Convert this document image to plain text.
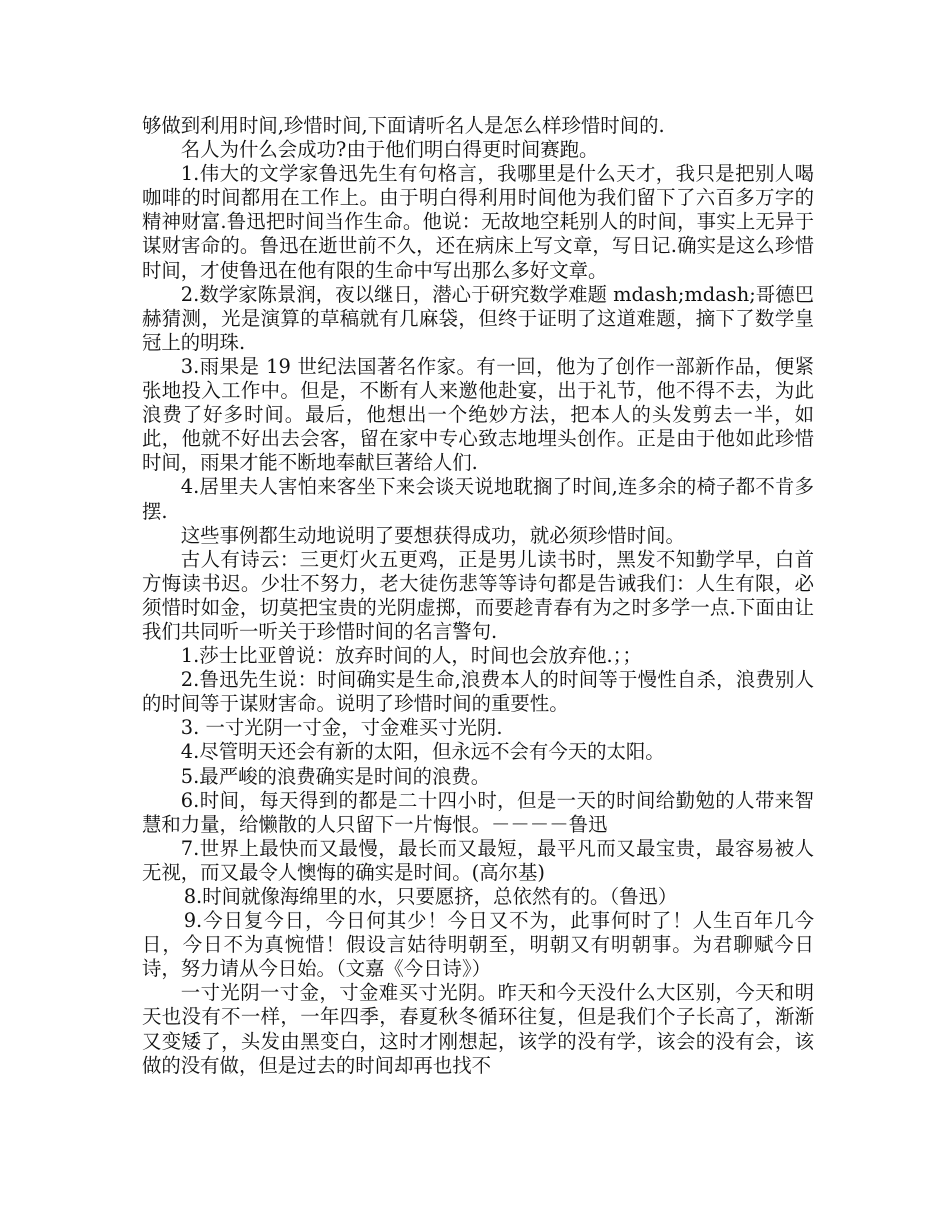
够做到利用时间,珍惜时间,下面请听名人是怎么样珍惜时间的.

名人为什么会成功?由于他们明白得更时间赛跑。

1.伟大的文学家鲁迅先生有句格言，我哪里是什么天才，我只是把别人喝咖啡的时间都用在工作上。由于明白得利用时间他为我们留下了六百多万字的精神财富.鲁迅把时间当作生命。他说：无故地空耗别人的时间，事实上无异于谋财害命的。鲁迅在逝世前不久，还在病床上写文章，写日记.确实是这么珍惜时间，才使鲁迅在他有限的生命中写出那么多好文章。

2.数学家陈景润，夜以继日，潜心于研究数学难题 mdash;mdash;哥德巴赫猜测，光是演算的草稿就有几麻袋，但终于证明了这道难题，摘下了数学皇冠上的明珠.

3.雨果是 19 世纪法国著名作家。有一回，他为了创作一部新作品，便紧张地投入工作中。但是，不断有人来邀他赴宴，出于礼节，他不得不去，为此浪费了好多时间。最后，他想出一个绝妙方法，把本人的头发剪去一半，如此，他就不好出去会客，留在家中专心致志地埋头创作。正是由于他如此珍惜时间，雨果才能不断地奉献巨著给人们.

4.居里夫人害怕来客坐下来会谈天说地耽搁了时间,连多余的椅子都不肯多摆.

这些事例都生动地说明了要想获得成功，就必须珍惜时间。

古人有诗云：三更灯火五更鸡，正是男儿读书时，黑发不知勤学早，白首方悔读书迟。少壮不努力，老大徒伤悲等等诗句都是告诫我们：人生有限，必须惜时如金，切莫把宝贵的光阴虚掷，而要趁青春有为之时多学一点.下面由让我们共同听一听关于珍惜时间的名言警句.

1.莎士比亚曾说：放弃时间的人，时间也会放弃他.；；

2.鲁迅先生说：时间确实是生命,浪费本人的时间等于慢性自杀，浪费别人的时间等于谋财害命。说明了珍惜时间的重要性。

3. 一寸光阴一寸金，寸金难买寸光阴.

4.尽管明天还会有新的太阳，但永远不会有今天的太阳。

5.最严峻的浪费确实是时间的浪费。

6.时间，每天得到的都是二十四小时，但是一天的时间给勤勉的人带来智慧和力量，给懒散的人只留下一片悔恨。－－－－鲁迅

7.世界上最快而又最慢，最长而又最短，最平凡而又最宝贵，最容易被人无视，而又最令人懊悔的确实是时间。(高尔基)

8.时间就像海绵里的水，只要愿挤，总依然有的。（鲁迅）

9.今日复今日，今日何其少！今日又不为，此事何时了！人生百年几今日，今日不为真惋惜！假设言姑待明朝至，明朝又有明朝事。为君聊赋今日诗，努力请从今日始。（文嘉《今日诗》）

一寸光阴一寸金，寸金难买寸光阴。昨天和今天没什么大区别，今天和明天也没有不一样，一年四季，春夏秋冬循环往复，但是我们个子长高了，渐渐又变矮了，头发由黑变白，这时才刚想起，该学的没有学，该会的没有会，该做的没有做，但是过去的时间却再也找不
